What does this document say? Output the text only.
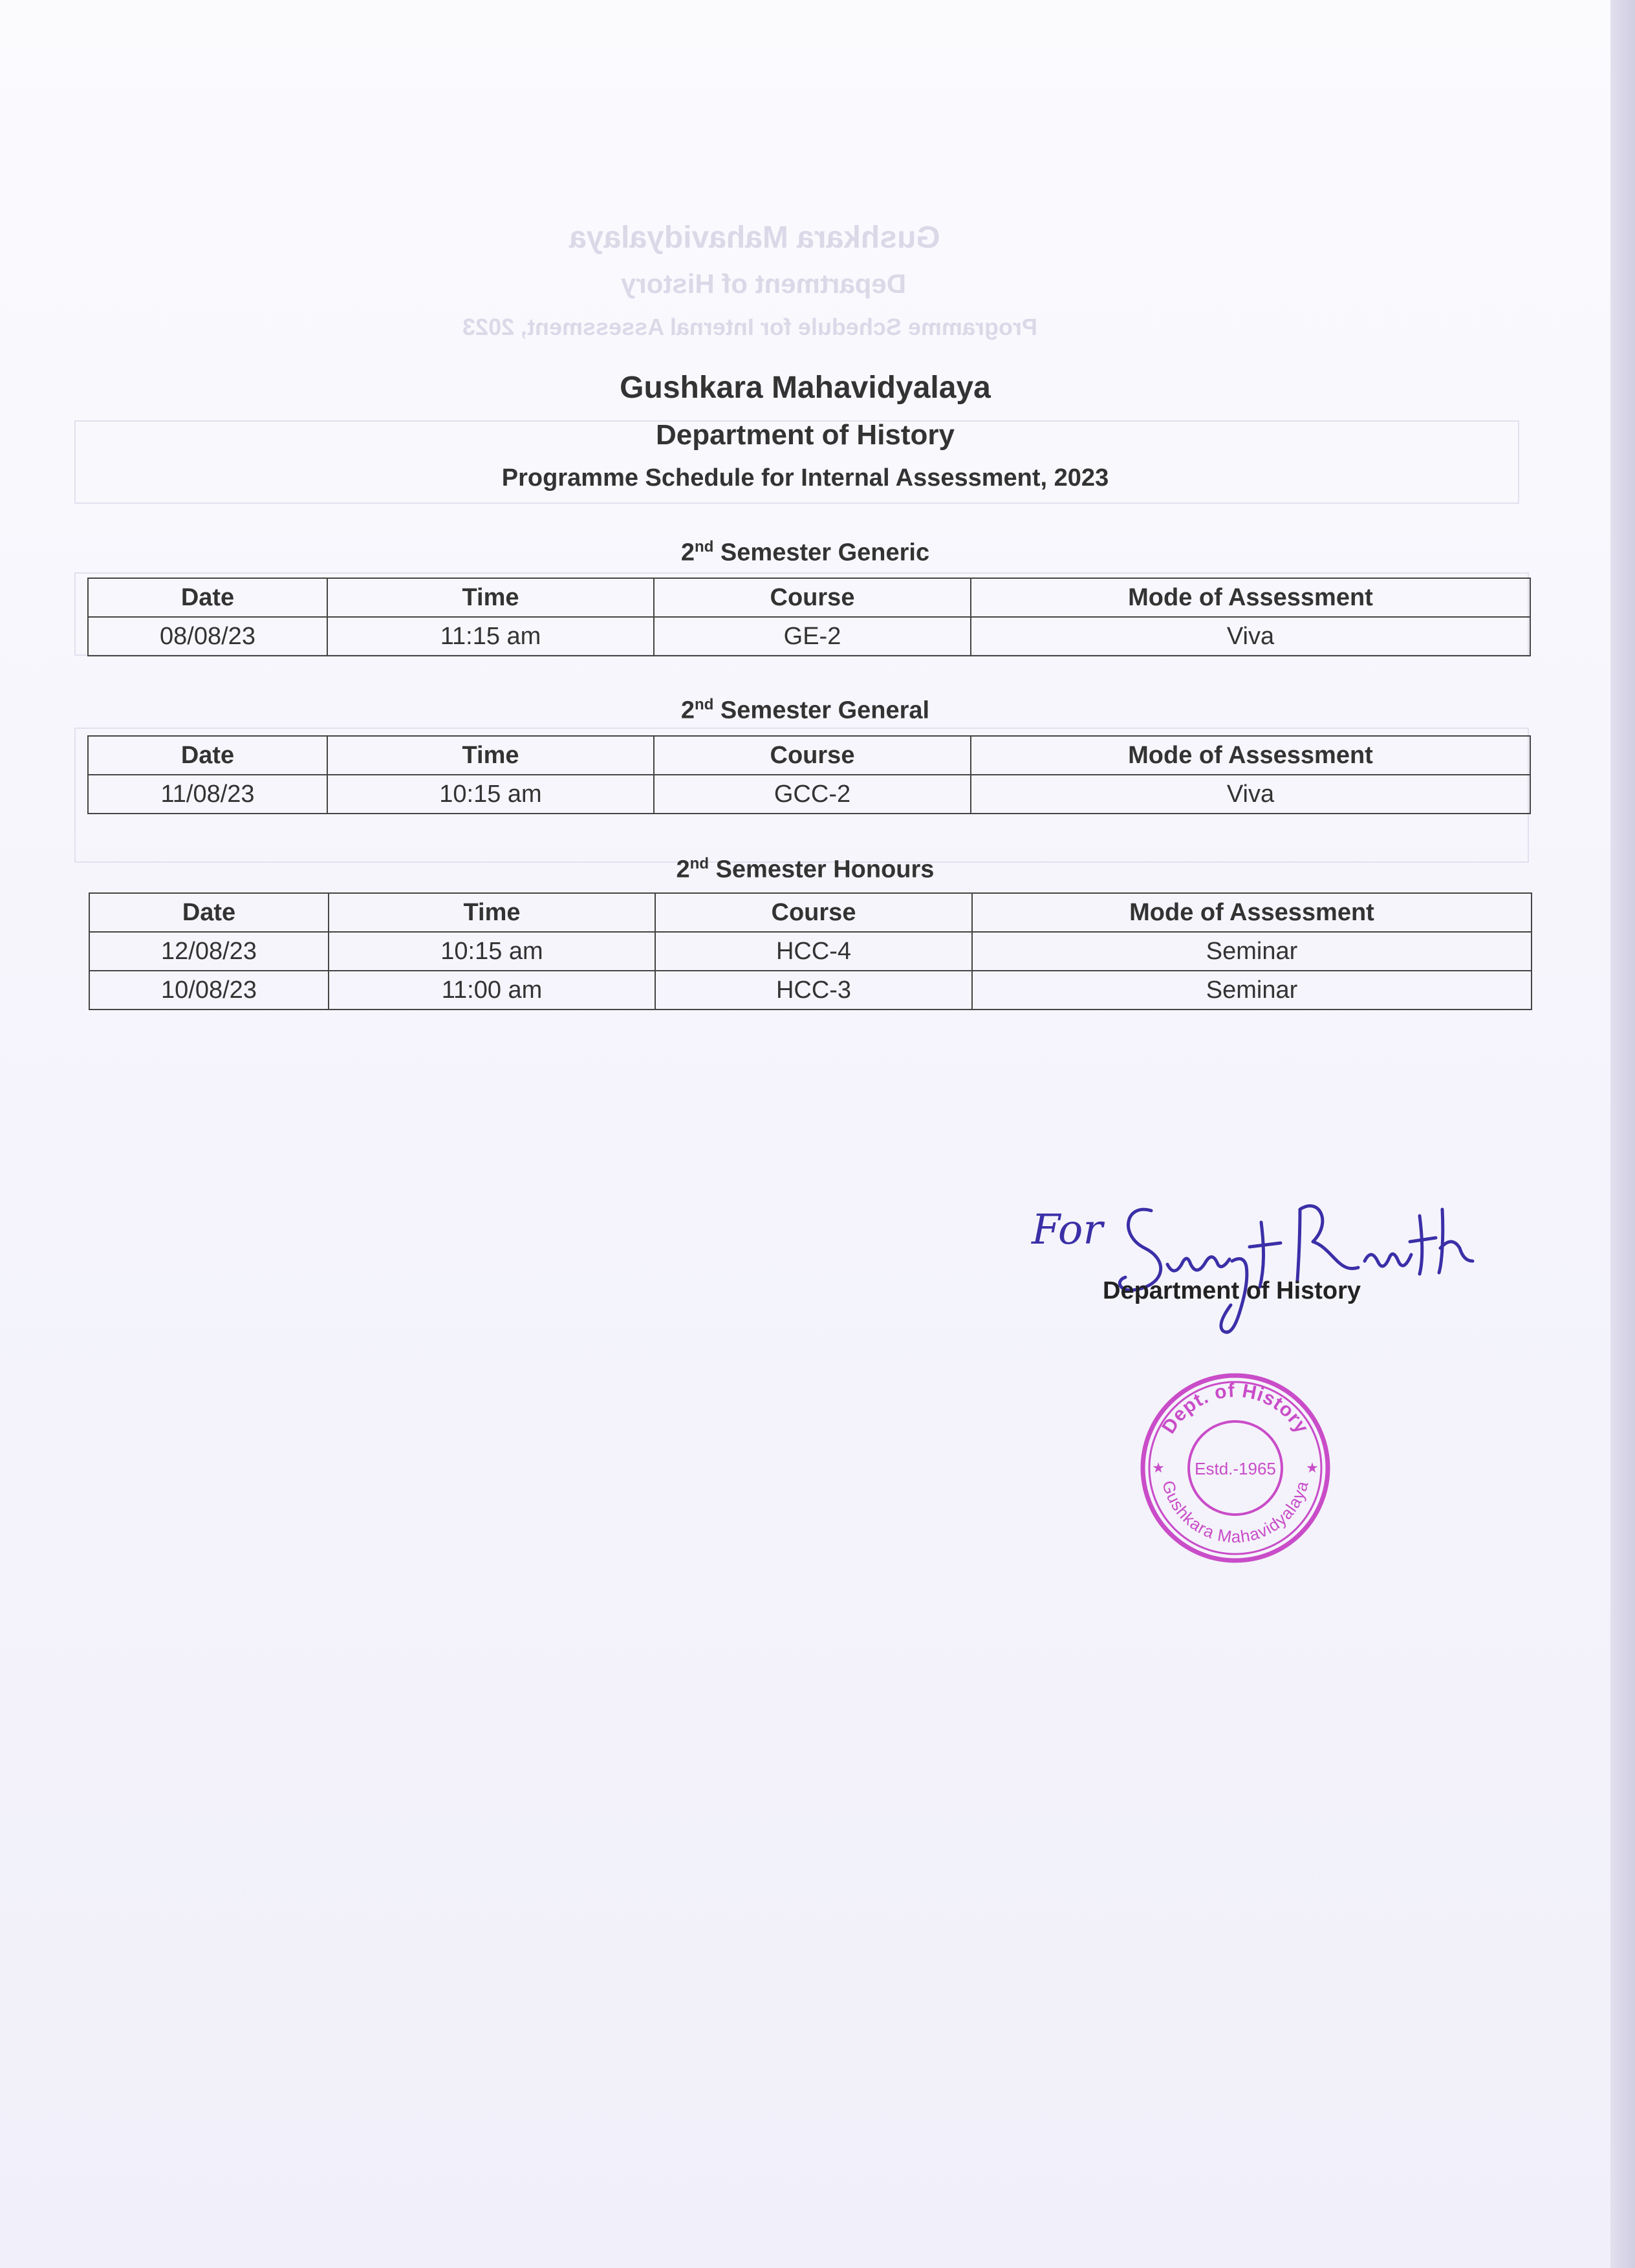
Gushkara Mahavidyalaya
Department of History
Programme Schedule for Internal Assessment, 2023
Gushkara Mahavidyalaya
Department of History
Programme Schedule for Internal Assessment, 2023
2nd Semester Generic
Date	Time	Course	Mode of Assessment
08/08/23	11:15 am	GE-2	Viva
2nd Semester General
Date	Time	Course	Mode of Assessment
11/08/23	10:15 am	GCC-2	Viva
2nd Semester Honours
Date	Time	Course	Mode of Assessment
12/08/23	10:15 am	HCC-4	Seminar
10/08/23	11:00 am	HCC-3	Seminar
For
Department of History
Dept. of History
Gushkara Mahavidyalaya
Estd.-1965
★	★
